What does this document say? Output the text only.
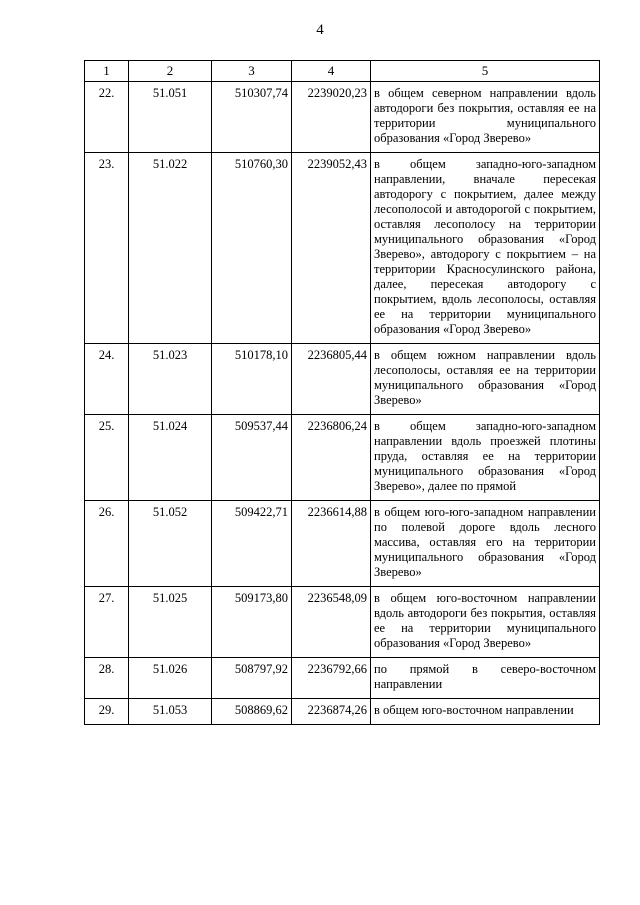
4
1	2	3	4	5
22.	51.051	510307,74	2239020,23	в общем северном направлении вдоль автодороги без покрытия, оставляя ее на территории муниципального образования «Город Зверево»
23.	51.022	510760,30	2239052,43	в общем западно-юго-западном направлении, вначале пересекая автодорогу с покрытием, далее между лесополосой и автодорогой с покрытием, оставляя лесополосу на территории муниципального образования «Город Зверево», автодорогу с покрытием – на территории Красносулинского района, далее, пересекая автодорогу с покрытием, вдоль лесополосы, оставляя ее на территории муниципального образования «Город Зверево»
24.	51.023	510178,10	2236805,44	в общем южном направлении вдоль лесополосы, оставляя ее на территории муниципального образования «Город Зверево»
25.	51.024	509537,44	2236806,24	в общем западно-юго-западном направлении вдоль проезжей плотины пруда, оставляя ее на территории муниципального образования «Город Зверево», далее по прямой
26.	51.052	509422,71	2236614,88	в общем юго-юго-западном направлении по полевой дороге вдоль лесного массива, оставляя его на территории муниципального образования «Город Зверево»
27.	51.025	509173,80	2236548,09	в общем юго-восточном направлении вдоль автодороги без покрытия, оставляя ее на территории муниципального образования «Город Зверево»
28.	51.026	508797,92	2236792,66	по прямой в северо-восточном направлении
29.	51.053	508869,62	2236874,26	в общем юго-восточном направлении
